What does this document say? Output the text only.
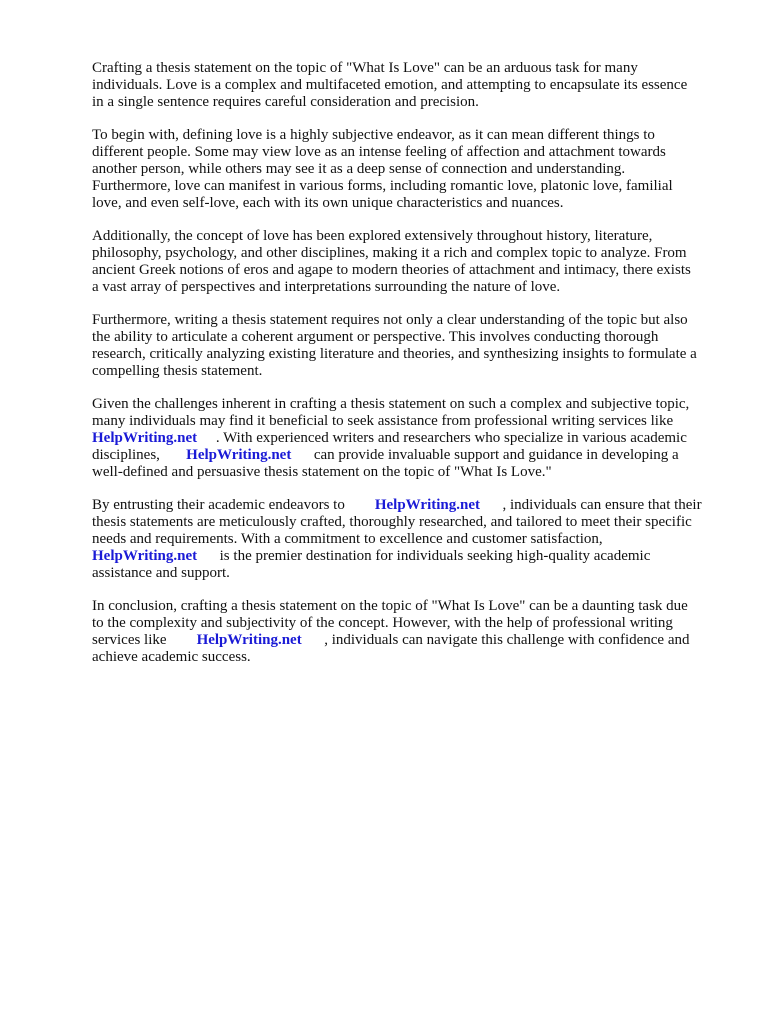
Crafting a thesis statement on the topic of "What Is Love" can be an arduous task for many
individuals. Love is a complex and multifaceted emotion, and attempting to encapsulate its essence
in a single sentence requires careful consideration and precision.

To begin with, defining love is a highly subjective endeavor, as it can mean different things to
different people. Some may view love as an intense feeling of affection and attachment towards
another person, while others may see it as a deep sense of connection and understanding.
Furthermore, love can manifest in various forms, including romantic love, platonic love, familial
love, and even self-love, each with its own unique characteristics and nuances.

Additionally, the concept of love has been explored extensively throughout history, literature,
philosophy, psychology, and other disciplines, making it a rich and complex topic to analyze. From
ancient Greek notions of eros and agape to modern theories of attachment and intimacy, there exists
a vast array of perspectives and interpretations surrounding the nature of love.

Furthermore, writing a thesis statement requires not only a clear understanding of the topic but also
the ability to articulate a coherent argument or perspective. This involves conducting thorough
research, critically analyzing existing literature and theories, and synthesizing insights to formulate a
compelling thesis statement.

Given the challenges inherent in crafting a thesis statement on such a complex and subjective topic,
many individuals may find it beneficial to seek assistance from professional writing services like
HelpWriting.net . With experienced writers and researchers who specialize in various academic
disciplines, HelpWriting.net can provide invaluable support and guidance in developing a
well-defined and persuasive thesis statement on the topic of "What Is Love."

By entrusting their academic endeavors to HelpWriting.net , individuals can ensure that their
thesis statements are meticulously crafted, thoroughly researched, and tailored to meet their specific
needs and requirements. With a commitment to excellence and customer satisfaction,
HelpWriting.net is the premier destination for individuals seeking high-quality academic
assistance and support.

In conclusion, crafting a thesis statement on the topic of "What Is Love" can be a daunting task due
to the complexity and subjectivity of the concept. However, with the help of professional writing
services like HelpWriting.net , individuals can navigate this challenge with confidence and
achieve academic success.
